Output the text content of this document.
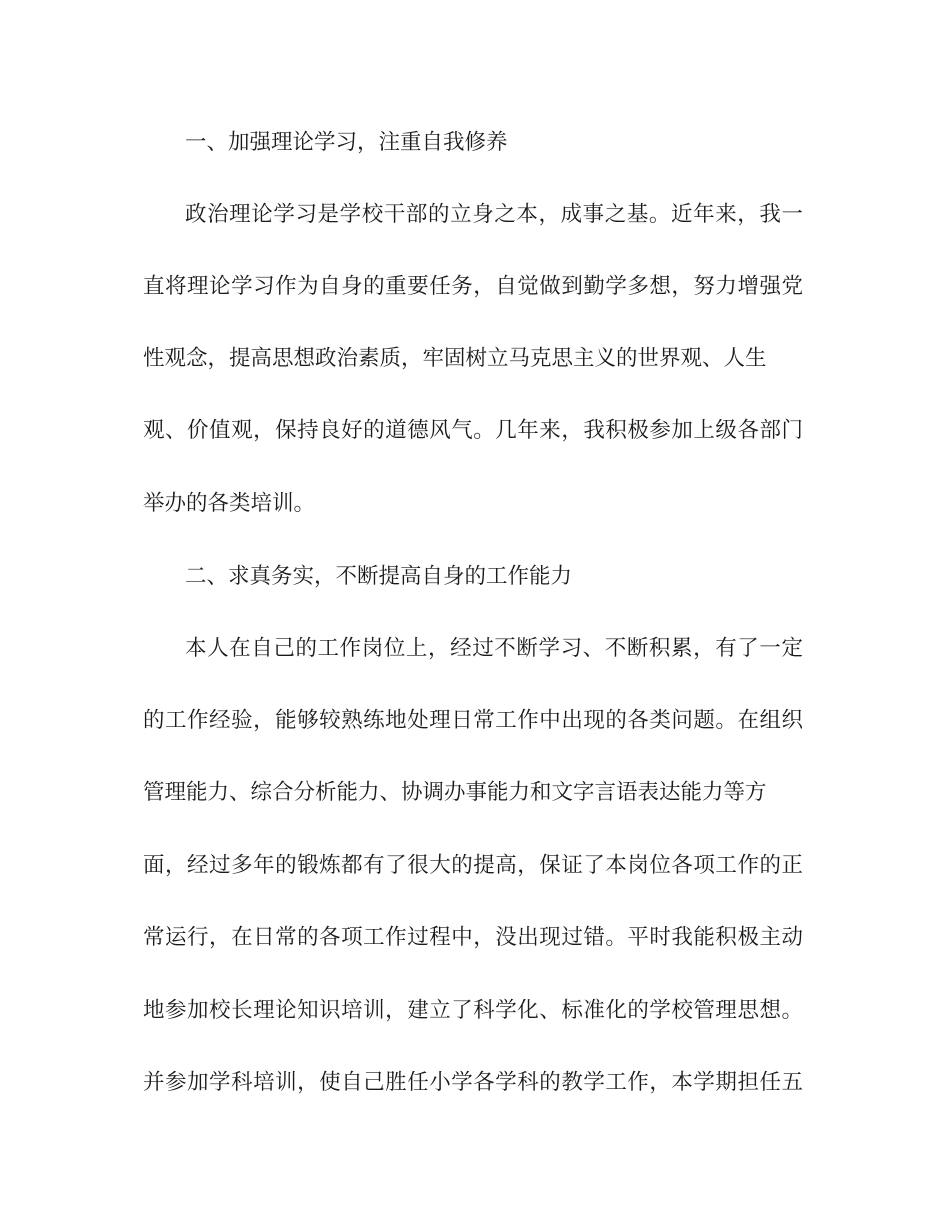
一、加强理论学习，注重自我修养
政治理论学习是学校干部的立身之本，成事之基。近年来，我一
直将理论学习作为自身的重要任务，自觉做到勤学多想，努力增强党
性观念，提高思想政治素质，牢固树立马克思主义的世界观、人生
观、价值观，保持良好的道德风气。几年来，我积极参加上级各部门
举办的各类培训。
二、求真务实，不断提高自身的工作能力
本人在自己的工作岗位上，经过不断学习、不断积累，有了一定
的工作经验，能够较熟练地处理日常工作中出现的各类问题。在组织
管理能力、综合分析能力、协调办事能力和文字言语表达能力等方
面，经过多年的锻炼都有了很大的提高，保证了本岗位各项工作的正
常运行，在日常的各项工作过程中，没出现过错。平时我能积极主动
地参加校长理论知识培训，建立了科学化、标准化的学校管理思想。
并参加学科培训，使自己胜任小学各学科的教学工作，本学期担任五
